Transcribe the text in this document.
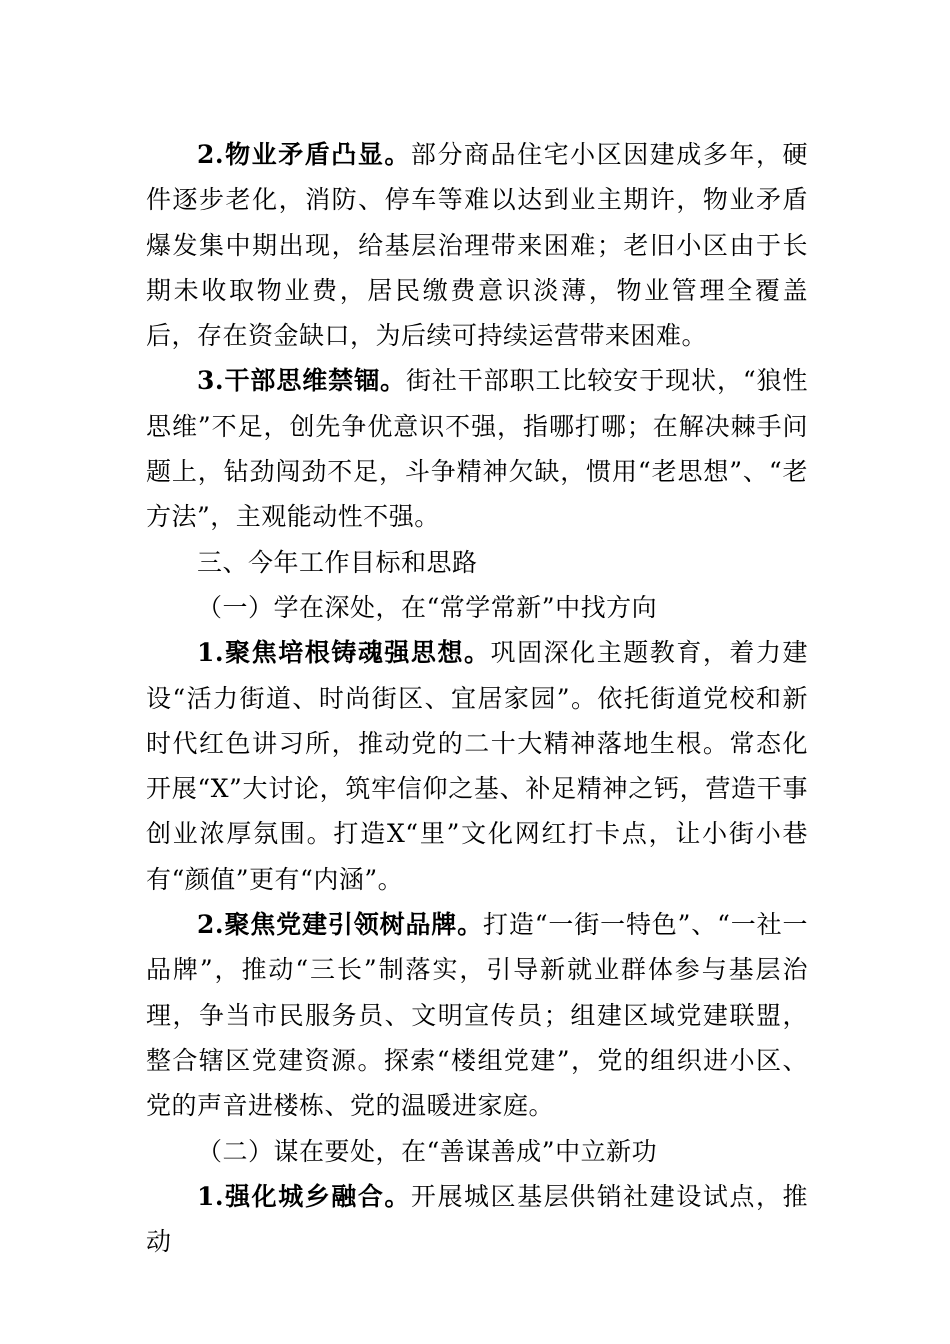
2.物业矛盾凸显。部分商品住宅小区因建成多年，硬件逐步老化，消防、停车等难以达到业主期许，物业矛盾爆发集中期出现，给基层治理带来困难；老旧小区由于长期未收取物业费，居民缴费意识淡薄，物业管理全覆盖后，存在资金缺口，为后续可持续运营带来困难。

3.干部思维禁锢。街社干部职工比较安于现状，“狼性思维”不足，创先争优意识不强，指哪打哪；在解决棘手问题上，钻劲闯劲不足，斗争精神欠缺，惯用“老思想”、“老方法”，主观能动性不强。

三、今年工作目标和思路

（一）学在深处，在“常学常新”中找方向

1.聚焦培根铸魂强思想。巩固深化主题教育，着力建设“活力街道、时尚街区、宜居家园”。依托街道党校和新时代红色讲习所，推动党的二十大精神落地生根。常态化开展“X”大讨论，筑牢信仰之基、补足精神之钙，营造干事创业浓厚氛围。打造X“里”文化网红打卡点，让小街小巷有“颜值”更有“内涵”。

2.聚焦党建引领树品牌。打造“一街一特色”、“一社一品牌”，推动“三长”制落实，引导新就业群体参与基层治理，争当市民服务员、文明宣传员；组建区域党建联盟，整合辖区党建资源。探索“楼组党建”，党的组织进小区、党的声音进楼栋、党的温暖进家庭。

（二）谋在要处，在“善谋善成”中立新功

1.强化城乡融合。开展城区基层供销社建设试点，推动
